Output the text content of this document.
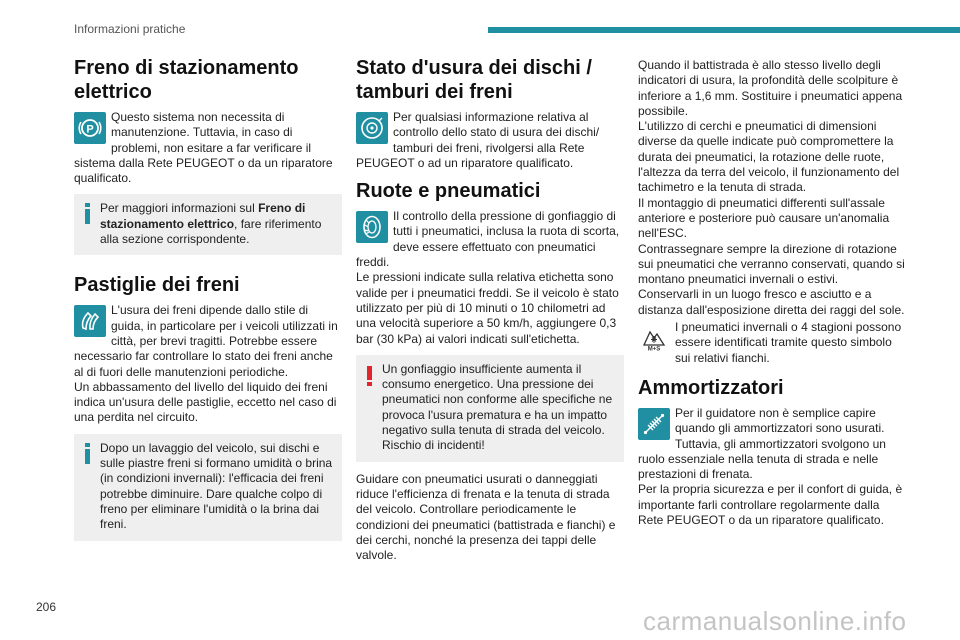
Informazioni pratiche
Freno di stazionamento elettrico
P

Questo sistema non necessita di manutenzione. Tuttavia, in caso di problemi, non esitare a far verificare il sistema dalla Rete PEUGEOT o da un riparatore qualificato.

Per maggiori informazioni sul Freno di stazionamento elettrico, fare riferimento alla sezione corrispondente.

Pastiglie dei freni

L'usura dei freni dipende dallo stile di guida, in particolare per i veicoli utilizzati in città, per brevi tragitti. Potrebbe essere necessario far controllare lo stato dei freni anche al di fuori delle manutenzioni periodiche.

Un abbassamento del livello del liquido dei freni indica un'usura delle pastiglie, eccetto nel caso di una perdita nel circuito.

Dopo un lavaggio del veicolo, sui dischi e sulle piastre freni si formano umidità o brina (in condizioni invernali): l'efficacia dei freni potrebbe diminuire. Dare qualche colpo di freno per eliminare l'umidità o la brina dai freni.

Stato d'usura dei dischi / tamburi dei freni

Per qualsiasi informazione relativa al controllo dello stato di usura dei dischi/ tamburi dei freni, rivolgersi alla Rete PEUGEOT o ad un riparatore qualificato.

Ruote e pneumatici

Il controllo della pressione di gonfiaggio di tutti i pneumatici, inclusa la ruota di scorta, deve essere effettuato con pneumatici freddi.

Le pressioni indicate sulla relativa etichetta sono valide per i pneumatici freddi. Se il veicolo è stato utilizzato per più di 10 minuti o 10 chilometri ad una velocità superiore a 50 km/h, aggiungere 0,3 bar (30 kPa) ai valori indicati sull'etichetta.

Un gonfiaggio insufficiente aumenta il consumo energetico. Una pressione dei pneumatici non conforme alle specifiche ne provoca l'usura prematura e ha un impatto negativo sulla tenuta di strada del veicolo. Rischio di incidenti!

Guidare con pneumatici usurati o danneggiati riduce l'efficienza di frenata e la tenuta di strada del veicolo. Controllare periodicamente le condizioni dei pneumatici (battistrada e fianchi) e dei cerchi, nonché la presenza dei tappi delle valvole.

Quando il battistrada è allo stesso livello degli indicatori di usura, la profondità delle scolpiture è inferiore a 1,6 mm. Sostituire i pneumatici appena possibile.

L'utilizzo di cerchi e pneumatici di dimensioni diverse da quelle indicate può compromettere la durata dei pneumatici, la rotazione delle ruote, l'altezza da terra del veicolo, il funzionamento del tachimetro e la tenuta di strada.

Il montaggio di pneumatici differenti sull'assale anteriore e posteriore può causare un'anomalia nell'ESC.

Contrassegnare sempre la direzione di rotazione sui pneumatici che verranno conservati, quando si montano pneumatici invernali o estivi.

Conservarli in un luogo fresco e asciutto e a distanza dall'esposizione diretta dei raggi del sole.

M+S

I pneumatici invernali o 4 stagioni possono essere identificati tramite questo simbolo sui relativi fianchi.

Ammortizzatori

Per il guidatore non è semplice capire quando gli ammortizzatori sono usurati. Tuttavia, gli ammortizzatori svolgono un ruolo essenziale nella tenuta di strada e nelle prestazioni di frenata.

Per la propria sicurezza e per il confort di guida, è importante farli controllare regolarmente dalla Rete PEUGEOT o da un riparatore qualificato.

206	carmanualsonline.info
